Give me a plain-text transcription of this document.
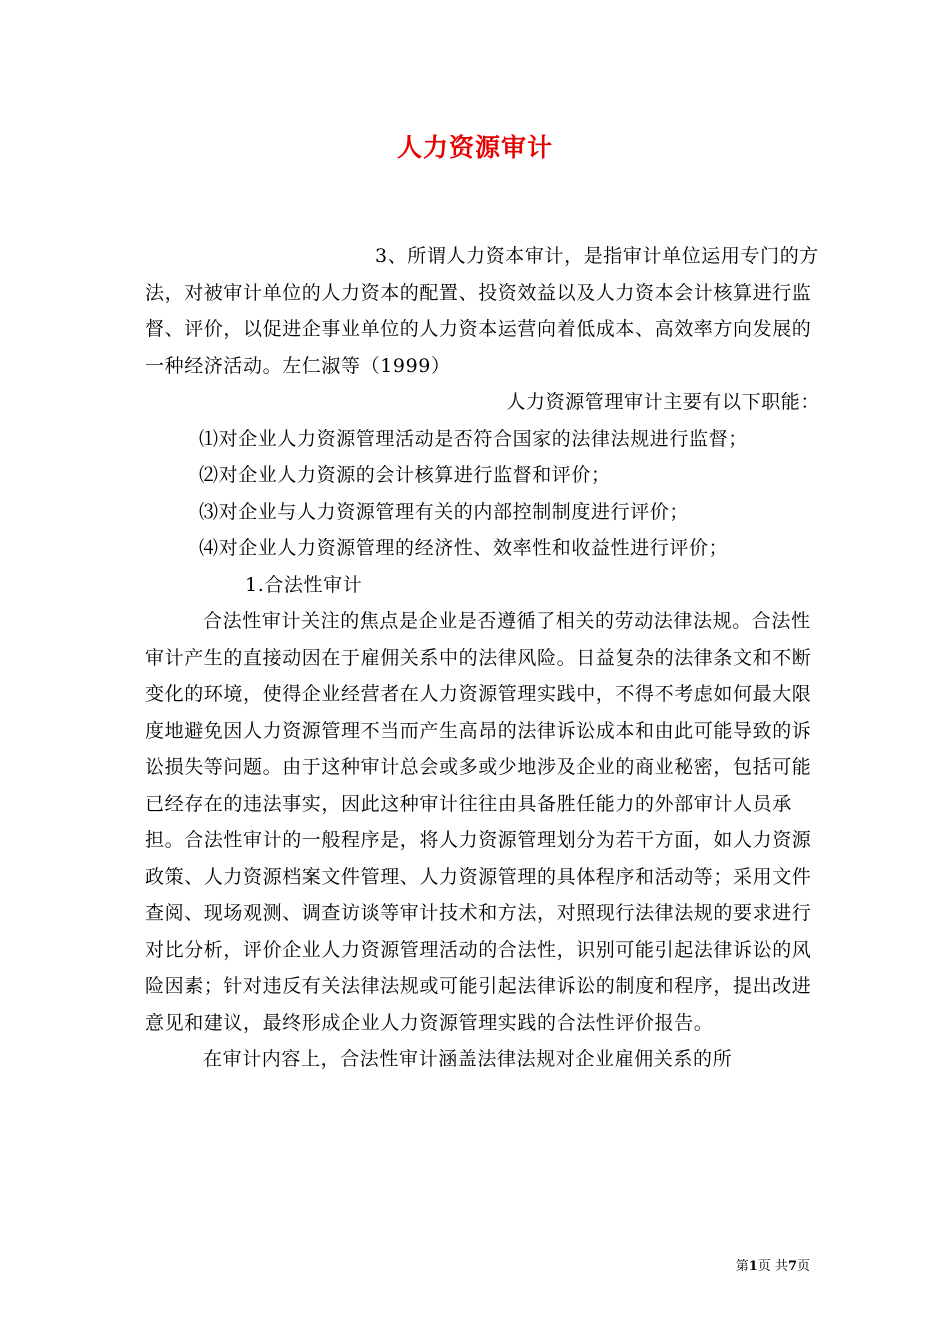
人力资源审计

3、所谓人力资本审计，是指审计单位运用专门的方法，对被审计单位的人力资本的配置、投资效益以及人力资本会计核算进行监督、评价，以促进企事业单位的人力资本运营向着低成本、高效率方向发展的一种经济活动。左仁淑等（1999）

人力资源管理审计主要有以下职能：

⑴对企业人力资源管理活动是否符合国家的法律法规进行监督；

⑵对企业人力资源的会计核算进行监督和评价；

⑶对企业与人力资源管理有关的内部控制制度进行评价；

⑷对企业人力资源管理的经济性、效率性和收益性进行评价；

1.合法性审计

合法性审计关注的焦点是企业是否遵循了相关的劳动法律法规。合法性审计产生的直接动因在于雇佣关系中的法律风险。日益复杂的法律条文和不断变化的环境，使得企业经营者在人力资源管理实践中，不得不考虑如何最大限度地避免因人力资源管理不当而产生高昂的法律诉讼成本和由此可能导致的诉讼损失等问题。由于这种审计总会或多或少地涉及企业的商业秘密，包括可能已经存在的违法事实，因此这种审计往往由具备胜任能力的外部审计人员承担。合法性审计的一般程序是，将人力资源管理划分为若干方面，如人力资源政策、人力资源档案文件管理、人力资源管理的具体程序和活动等；采用文件查阅、现场观测、调查访谈等审计技术和方法，对照现行法律法规的要求进行对比分析，评价企业人力资源管理活动的合法性，识别可能引起法律诉讼的风险因素；针对违反有关法律法规或可能引起法律诉讼的制度和程序，提出改进意见和建议，最终形成企业人力资源管理实践的合法性评价报告。

在审计内容上，合法性审计涵盖法律法规对企业雇佣关系的所

第1页 共7页
